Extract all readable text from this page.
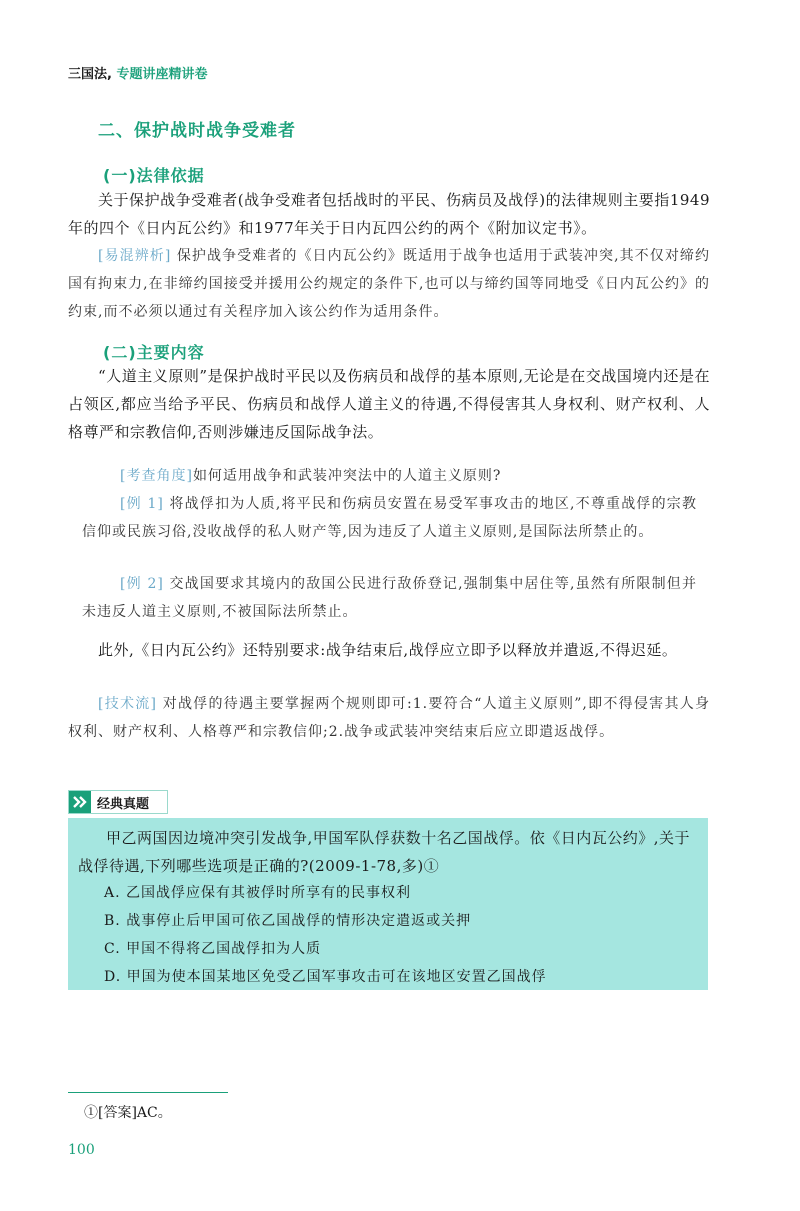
三国法, 专题讲座精讲卷
二、保护战时战争受难者
(一)法律依据
关于保护战争受难者(战争受难者包括战时的平民、伤病员及战俘)的法律规则主要指1949年的四个《日内瓦公约》和1977年关于日内瓦四公约的两个《附加议定书》。
[易混辨析] 保护战争受难者的《日内瓦公约》既适用于战争也适用于武装冲突,其不仅对缔约国有拘束力,在非缔约国接受并援用公约规定的条件下,也可以与缔约国等同地受《日内瓦公约》的约束,而不必须以通过有关程序加入该公约作为适用条件。
(二)主要内容
“人道主义原则”是保护战时平民以及伤病员和战俘的基本原则,无论是在交战国境内还是在占领区,都应当给予平民、伤病员和战俘人道主义的待遇,不得侵害其人身权利、财产权利、人格尊严和宗教信仰,否则涉嫌违反国际战争法。
[考查角度]如何适用战争和武装冲突法中的人道主义原则?
[例 1] 将战俘扣为人质,将平民和伤病员安置在易受军事攻击的地区,不尊重战俘的宗教信仰或民族习俗,没收战俘的私人财产等,因为违反了人道主义原则,是国际法所禁止的。
[例 2] 交战国要求其境内的敌国公民进行敌侨登记,强制集中居住等,虽然有所限制但并未违反人道主义原则,不被国际法所禁止。
此外,《日内瓦公约》还特别要求:战争结束后,战俘应立即予以释放并遣返,不得迟延。
[技术流] 对战俘的待遇主要掌握两个规则即可:1.要符合“人道主义原则”,即不得侵害其人身权利、财产权利、人格尊严和宗教信仰;2.战争或武装冲突结束后应立即遣返战俘。
经典真题
甲乙两国因边境冲突引发战争,甲国军队俘获数十名乙国战俘。依《日内瓦公约》,关于战俘待遇,下列哪些选项是正确的?(2009-1-78,多)①
A. 乙国战俘应保有其被俘时所享有的民事权利
B. 战事停止后甲国可依乙国战俘的情形决定遣返或关押
C. 甲国不得将乙国战俘扣为人质
D. 甲国为使本国某地区免受乙国军事攻击可在该地区安置乙国战俘
①[答案]AC。
100
